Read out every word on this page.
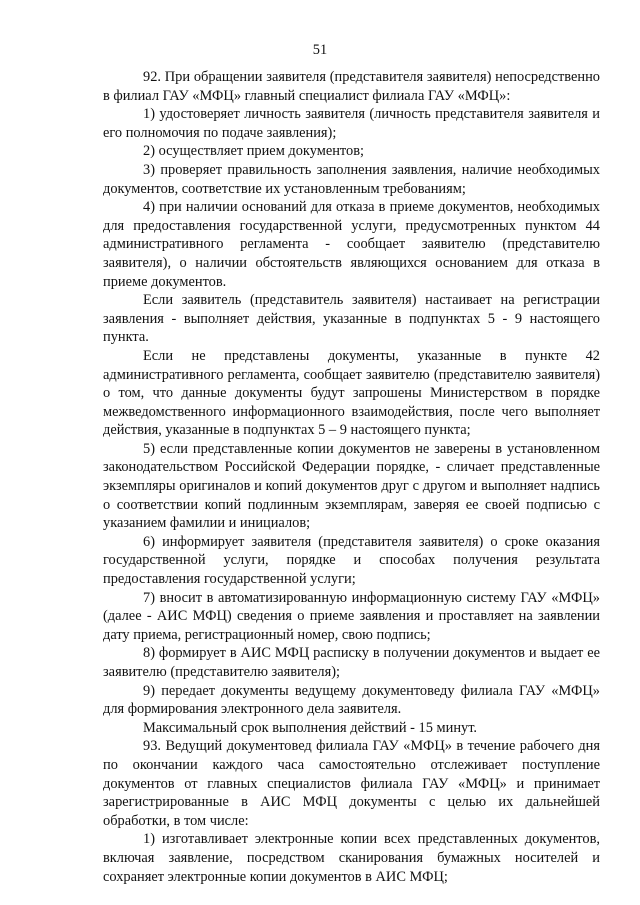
51

92. При обращении заявителя (представителя заявителя) непосредственно в филиал ГАУ «МФЦ» главный специалист филиала ГАУ «МФЦ»:

1) удостоверяет личность заявителя (личность представителя заявителя и его полномочия по подаче заявления);

2) осуществляет прием документов;

3) проверяет правильность заполнения заявления, наличие необходимых документов, соответствие их установленным требованиям;

4) при наличии оснований для отказа в приеме документов, необходимых для предоставления государственной услуги, предусмотренных пунктом 44 административного регламента - сообщает заявителю (представителю заявителя), о наличии обстоятельств являющихся основанием для отказа в приеме документов.

Если заявитель (представитель заявителя) настаивает на регистрации заявления - выполняет действия, указанные в подпунктах 5 - 9 настоящего пункта.

Если не представлены документы, указанные в пункте 42 административного регламента, сообщает заявителю (представителю заявителя) о том, что данные документы будут запрошены Министерством в порядке межведомственного информационного взаимодействия, после чего выполняет действия, указанные в подпунктах 5 – 9 настоящего пункта;

5) если представленные копии документов не заверены в установленном законодательством Российской Федерации порядке, - сличает представленные экземпляры оригиналов и копий документов друг с другом и выполняет надпись о соответствии копий подлинным экземплярам, заверяя ее своей подписью с указанием фамилии и инициалов;

6) информирует заявителя (представителя заявителя) о сроке оказания государственной услуги, порядке и способах получения результата предоставления государственной услуги;

7) вносит в автоматизированную информационную систему ГАУ «МФЦ» (далее - АИС МФЦ) сведения о приеме заявления и проставляет на заявлении дату приема, регистрационный номер, свою подпись;

8) формирует в АИС МФЦ расписку в получении документов и выдает ее заявителю (представителю заявителя);

9) передает документы ведущему документоведу филиала ГАУ «МФЦ» для формирования электронного дела заявителя.

Максимальный срок выполнения действий - 15 минут.

93. Ведущий документовед филиала ГАУ «МФЦ» в течение рабочего дня по окончании каждого часа самостоятельно отслеживает поступление документов от главных специалистов филиала ГАУ «МФЦ» и принимает зарегистрированные в АИС МФЦ документы с целью их дальнейшей обработки, в том числе:

1) изготавливает электронные копии всех представленных документов, включая заявление, посредством сканирования бумажных носителей и сохраняет электронные копии документов в АИС МФЦ;
